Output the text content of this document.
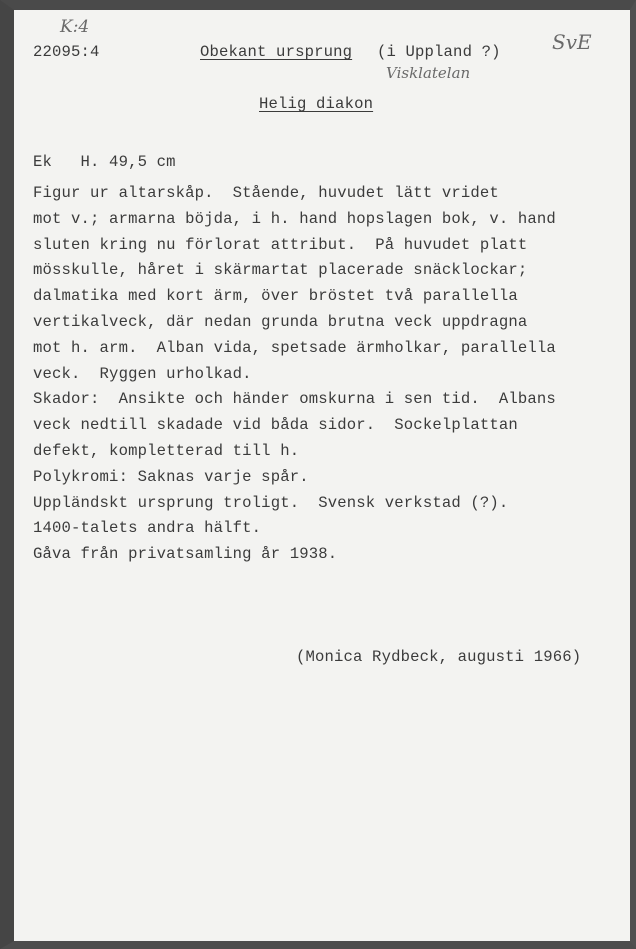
K:4
22095:4	Obekant ursprung (i Uppland ?)	SvE
Visklatelan
Helig diakon
Ek   H. 49,5 cm
Figur ur altarskåp.  Stående, huvudet lätt vridet
mot v.; armarna böjda, i h. hand hopslagen bok, v. hand
sluten kring nu förlorat attribut.  På huvudet platt
mösskulle, håret i skärmartat placerade snäcklockar;
dalmatika med kort ärm, över bröstet två parallella
vertikalveck, där nedan grunda brutna veck uppdragna
mot h. arm.  Alban vida, spetsade ärmholkar, parallella
veck.  Ryggen urholkad.
Skador:  Ansikte och händer omskurna i sen tid.  Albans
veck nedtill skadade vid båda sidor.  Sockelplattan
defekt, kompletterad till h.
Polykromi: Saknas varje spår.
Uppländskt ursprung troligt.  Svensk verkstad (?).
1400-talets andra hälft.
Gåva från privatsamling år 1938.
(Monica Rydbeck, augusti 1966)
